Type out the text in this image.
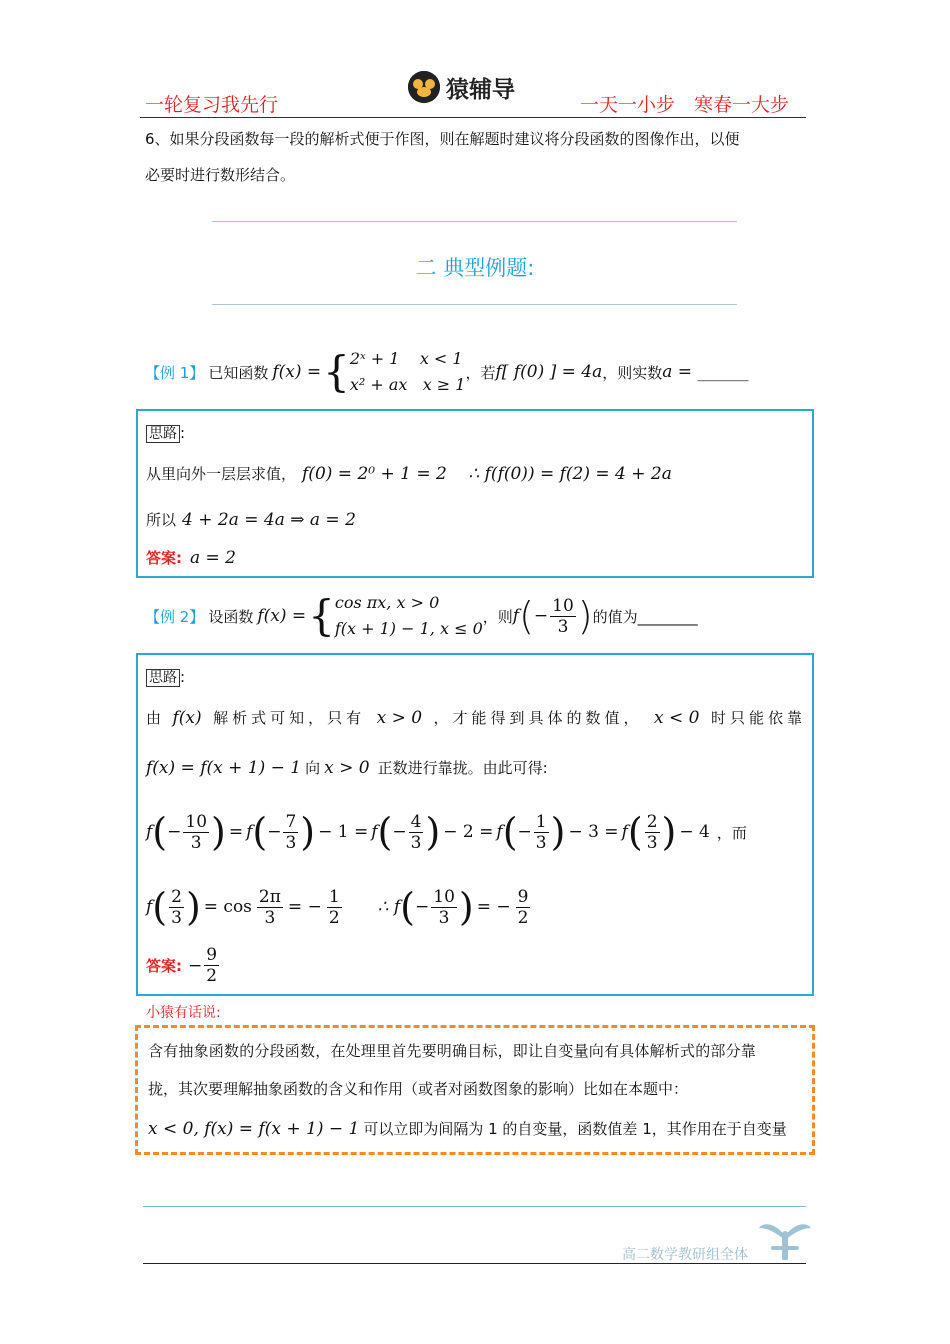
一轮复习我先行
猿辅导
一天一小步　寒春一大步
6、如果分段函数每一段的解析式便于作图，则在解题时建议将分段函数的图像作出，以便
必要时进行数形结合。
二 典型例题:
【例 1】 已知函数 f(x) = { 2ˣ + 1    x < 1
x² + ax   x ≥ 1
，若 f[ f(0) ] = 4a ，则实数 a = ______
思路 :
从里向外一层层求值， f(0) = 2⁰ + 1 = 2    ∴ f(f(0)) = f(2) = 4 + 2a
所以 4 + 2a = 4a ⇒ a = 2
答案: a = 2
【例 2】 设函数 f(x) = { cos πx, x > 0
f(x + 1) − 1, x ≤ 0
，则 f ( − $\frac{10}{3}$ ) 的值为________
思路 :
由 f(x) 解析式可知，只有 x > 0 ，才能得到具体的数值， x < 0 时只能依靠
f(x) = f(x + 1) − 1 向 x > 0 正数进行靠拢。由此可得:
f ( − $\frac{10}{3}$ ) = f ( − $\frac{7}{3}$ ) − 1 = f ( − $\frac{4}{3}$ ) − 2 = f ( − $\frac{1}{3}$ ) − 3 = f ( $\frac{2}{3}$ ) − 4 ，而
f ( $\frac{2}{3}$ ) = $\cos \frac{2\pi}{3}$ = − $\frac{1}{2}$ ∴ f ( − $\frac{10}{3}$ ) = − $\frac{9}{2}$
答案: − $\frac{9}{2}$
小猿有话说:
含有抽象函数的分段函数，在处理里首先要明确目标，即让自变量向有具体解析式的部分靠
拢，其次要理解抽象函数的含义和作用（或者对函数图象的影响）比如在本题中：
x < 0, f(x) = f(x + 1) − 1 可以立即为间隔为 1 的自变量，函数值差 1，其作用在于自变量
高二数学教研组全体
